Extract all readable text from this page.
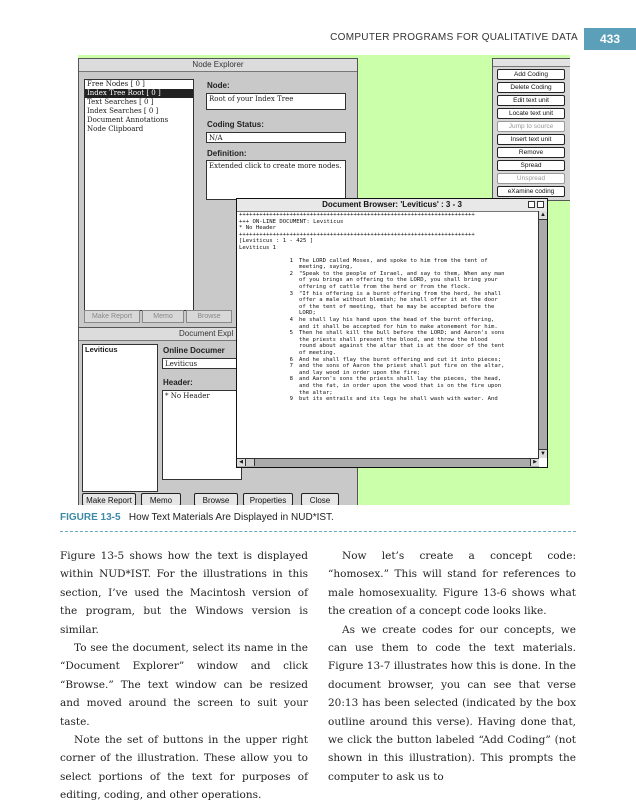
COMPUTER PROGRAMS FOR QUALITATIVE DATA	433
Node Explorer
Free Nodes [ 0 ]
Index Tree Root [ 0 ]
Text Searches [ 0 ]
Index Searches [ 0 ]
Document Annotations
Node Clipboard
Node:
Root of your Index Tree
Coding Status:
N/A
Definition:
Extended click to create more nodes.
Make Report	Memo	Browse
Document Expl
Leviticus	Online Documer
Leviticus
Header:
* No Header
Make Report	Memo	Browse	Properties	Close
Add Coding
Delete Coding
Edit text unit
Locate text unit
Jump to source
Insert text unit
Remove
Spread
Unspread
eXamine coding
Document Browser: 'Leviticus' : 3 - 3
++++++++++++++++++++++++++++++++++++++++++++++++++++++++++++++++++++++
+++ ON-LINE DOCUMENT: Leviticus
* No Header
++++++++++++++++++++++++++++++++++++++++++++++++++++++++++++++++++++++
[Leviticus : 1 - 425 ]
Leviticus 1
1 The LORD called Moses, and spoke to him from the tent of
meeting, saying,
2 "Speak to the people of Israel, and say to them, When any man
of you brings an offering to the LORD, you shall bring your
offering of cattle from the herd or from the flock.
3 "If his offering is a burnt offering from the herd, he shall
offer a male without blemish; he shall offer it at the door
of the tent of meeting, that he may be accepted before the
LORD;
4 he shall lay his hand upon the head of the burnt offering,
and it shall be accepted for him to make atonement for him.
5 Then he shall kill the bull before the LORD; and Aaron's sons
the priests shall present the blood, and throw the blood
round about against the altar that is at the door of the tent
of meeting.
6 And he shall flay the burnt offering and cut it into pieces;
7 and the sons of Aaron the priest shall put fire on the altar,
and lay wood in order upon the fire;
8 and Aaron's sons the priests shall lay the pieces, the head,
and the fat, in order upon the wood that is on the fire upon
the altar;
9 but its entrails and its legs he shall wash with water. And
▲
▼
◀	▶
FIGURE 13-5 How Text Materials Are Displayed in NUD*IST.

Figure 13-5 shows how the text is displayed within NUD*IST. For the illustrations in this section, I’ve used the Macintosh version of the program, but the Windows version is similar.

To see the document, select its name in the “Document Explorer” window and click “Browse.” The text window can be resized and moved around the screen to suit your taste.

Note the set of buttons in the upper right corner of the illustration. These allow you to select portions of the text for purposes of editing, coding, and other operations.

Now let’s create a concept code: “homosex.” This will stand for references to male homosexuality. Figure 13-6 shows what the creation of a concept code looks like.

As we create codes for our concepts, we can use them to code the text materials. Figure 13-7 illustrates how this is done. In the document browser, you can see that verse 20:13 has been selected (indicated by the box outline around this verse). Having done that, we click the button labeled “Add Coding” (not shown in this illustration). This prompts the computer to ask us to
